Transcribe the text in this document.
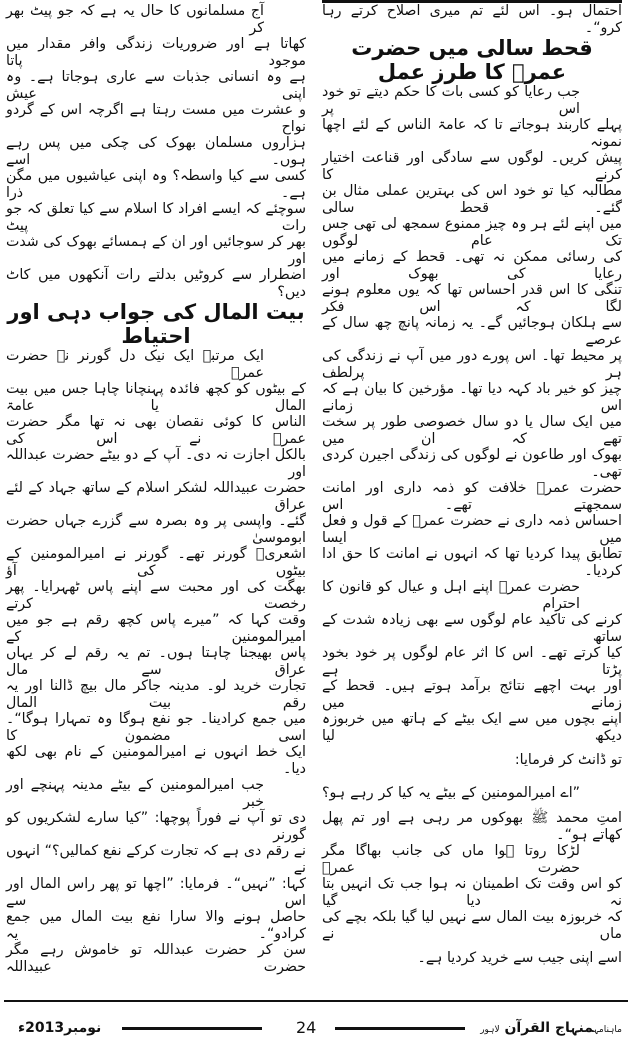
احتمال ہو۔ اس لئے تم میری اصلاح کرتے رہا کرو“۔
قحط سالی میں حضرت عمرؓ کا طرز عمل
جب رعایا کو کسی بات کا حکم دیتے تو خود اس پر
پہلے کاربند ہوجاتے تا کہ عامۃ الناس کے لئے اچھا نمونہ
پیش کریں۔ لوگوں سے سادگی اور قناعت اختیار کرنے کا
مطالبہ کیا تو خود اس کی بہترین عملی مثال بن گئے۔ قحط سالی
میں اپنے لئے ہر وہ چیز ممنوع سمجھ لی تھی جس تک عام لوگوں
کی رسائی ممکن نہ تھی۔ قحط کے زمانے میں رعایا کی بھوک اور
تنگی کا اس قدر احساس تھا کہ یوں معلوم ہونے لگا کہ اس فکر
سے ہلکان ہوجائیں گے۔ یہ زمانہ پانچ چھ سال کے عرصے
پر محیط تھا۔ اس پورے دور میں آپ نے زندگی کی ہر پرلطف
چیز کو خیر باد کہہ دیا تھا۔ مؤرخین کا بیان ہے کہ اس زمانے
میں ایک سال یا دو سال خصوصی طور پر سخت تھے کہ ان میں
بھوک اور طاعون نے لوگوں کی زندگی اجیرن کردی تھی۔
حضرت عمرؓ خلافت کو ذمہ داری اور امانت سمجھتے تھے۔ اس
احساس ذمہ داری نے حضرت عمرؓ کے قول و فعل میں ایسا
تطابق پیدا کردیا تھا کہ انہوں نے امانت کا حق ادا کردیا۔
حضرت عمرؓ اپنے اہل و عیال کو قانون کا احترام
کرنے کی تاکید عام لوگوں سے بھی زیادہ شدت کے ساتھ
کیا کرتے تھے۔ اس کا اثر عام لوگوں پر خود بخود پڑتا ہے
اور بہت اچھے نتائج برآمد ہوتے ہیں۔ قحط کے زمانے میں
اپنے بچوں میں سے ایک بیٹے کے ہاتھ میں خربوزہ دیکھ لیا
تو ڈانٹ کر فرمایا:
”اے امیرالمومنین کے بیٹے یہ کیا کر رہے ہو؟
امتِ محمد ﷺ بھوکوں مر رہی ہے اور تم پھل کھاتے ہو“۔
لڑکا روتا ہوا ماں کی جانب بھاگا مگر حضرت عمرؓ
کو اس وقت تک اطمینان نہ ہوا جب تک انہیں بتا نہ دیا گیا
کہ خربوزہ بیت المال سے نہیں لیا گیا بلکہ بچے کی ماں نے
اسے اپنی جیب سے خرید کردیا ہے۔
آج مسلمانوں کا حال یہ ہے کہ جو پیٹ بھر کر
کھاتا ہے اور ضروریات زندگی وافر مقدار میں موجود پاتا
ہے وہ انسانی جذبات سے عاری ہوجاتا ہے۔ وہ اپنی عیش
و عشرت میں مست رہتا ہے اگرچہ اس کے گردو نواح
ہزاروں مسلمان بھوک کی چکی میں پس رہے ہوں۔ اسے
کسی سے کیا واسطہ؟ وہ اپنی عیاشیوں میں مگن ہے۔ ذرا
سوچئے کہ ایسے افراد کا اسلام سے کیا تعلق کہ جو رات پیٹ
بھر کر سوجائیں اور ان کے ہمسائے بھوک کی شدت اور
اضطرار سے کروٹیں بدلتے رات آنکھوں میں کاٹ دیں؟
بیت المال کی جواب دہی اور احتیاط
ایک مرتبہ ایک نیک دل گورنر نے حضرت عمرؓ
کے بیٹوں کو کچھ فائدہ پہنچانا چاہا جس میں بیت المال یا عامۃ
الناس کا کوئی نقصان بھی نہ تھا مگر حضرت عمرؓ نے اس کی
بالکل اجازت نہ دی۔ آپ کے دو بیٹے حضرت عبداللہ اور
حضرت عبیداللہ لشکر اسلام کے ساتھ جہاد کے لئے عراق
گئے۔ واپسی پر وہ بصرہ سے گزرے جہاں حضرت ابوموسیٰ
اشعریؓ گورنر تھے۔ گورنر نے امیرالمومنین کے بیٹوں کی آؤ
بھگت کی اور محبت سے اپنے پاس ٹھہرایا۔ پھر رخصت کرتے
وقت کہا کہ ”میرے پاس کچھ رقم ہے جو میں امیرالمومنین کے
پاس بھیجنا چاہتا ہوں۔ تم یہ رقم لے کر یہاں عراق سے مال
تجارت خرید لو۔ مدینہ جاکر مال بیچ ڈالنا اور یہ رقم بیت المال
میں جمع کرادینا۔ جو نفع ہوگا وہ تمہارا ہوگا“۔ اسی مضمون کا
ایک خط انہوں نے امیرالمومنین کے نام بھی لکھ دیا۔
جب امیرالمومنین کے بیٹے مدینہ پہنچے اور خبر
دی تو آپ نے فوراً پوچھا: ”کیا سارے لشکریوں کو گورنر
نے رقم دی ہے کہ تجارت کرکے نفع کمالیں؟“ انہوں نے
کہا: ”نہیں“۔ فرمایا: ”اچھا تو پھر راس المال اور اس سے
حاصل ہونے والا سارا نفع بیت المال میں جمع کرادو“۔ یہ
سن کر حضرت عبداللہ تو خاموش رہے مگر حضرت عبیداللہ
ماہنامہمنہاج القرآن لاہور
24
نومبر2013ء
